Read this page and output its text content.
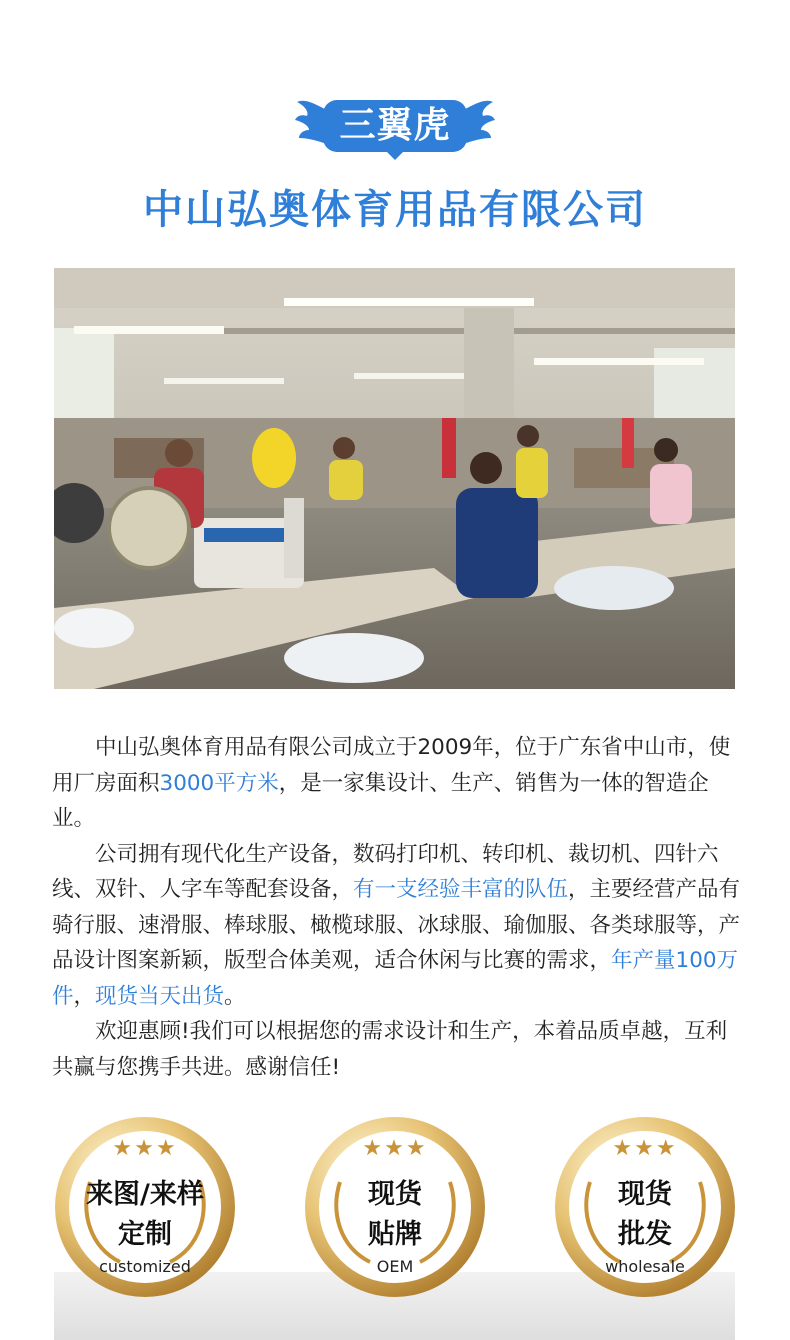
三翼虎
中山弘奥体育用品有限公司

中山弘奥体育用品有限公司成立于2009年，位于广东省中山市，使用厂房面积3000平方米，是一家集设计、生产、销售为一体的智造企业。

公司拥有现代化生产设备，数码打印机、转印机、裁切机、四针六线、双针、人字车等配套设备，有一支经验丰富的队伍，主要经营产品有骑行服、速滑服、棒球服、橄榄球服、冰球服、瑜伽服、各类球服等，产品设计图案新颖，版型合体美观，适合休闲与比赛的需求，年产量100万件，现货当天出货。

欢迎惠顾!我们可以根据您的需求设计和生产，本着品质卓越，互利共赢与您携手共进。感谢信任!

★★★
来图/来样
定制
customized
★★★
现货
贴牌
OEM
★★★
现货
批发
wholesale
